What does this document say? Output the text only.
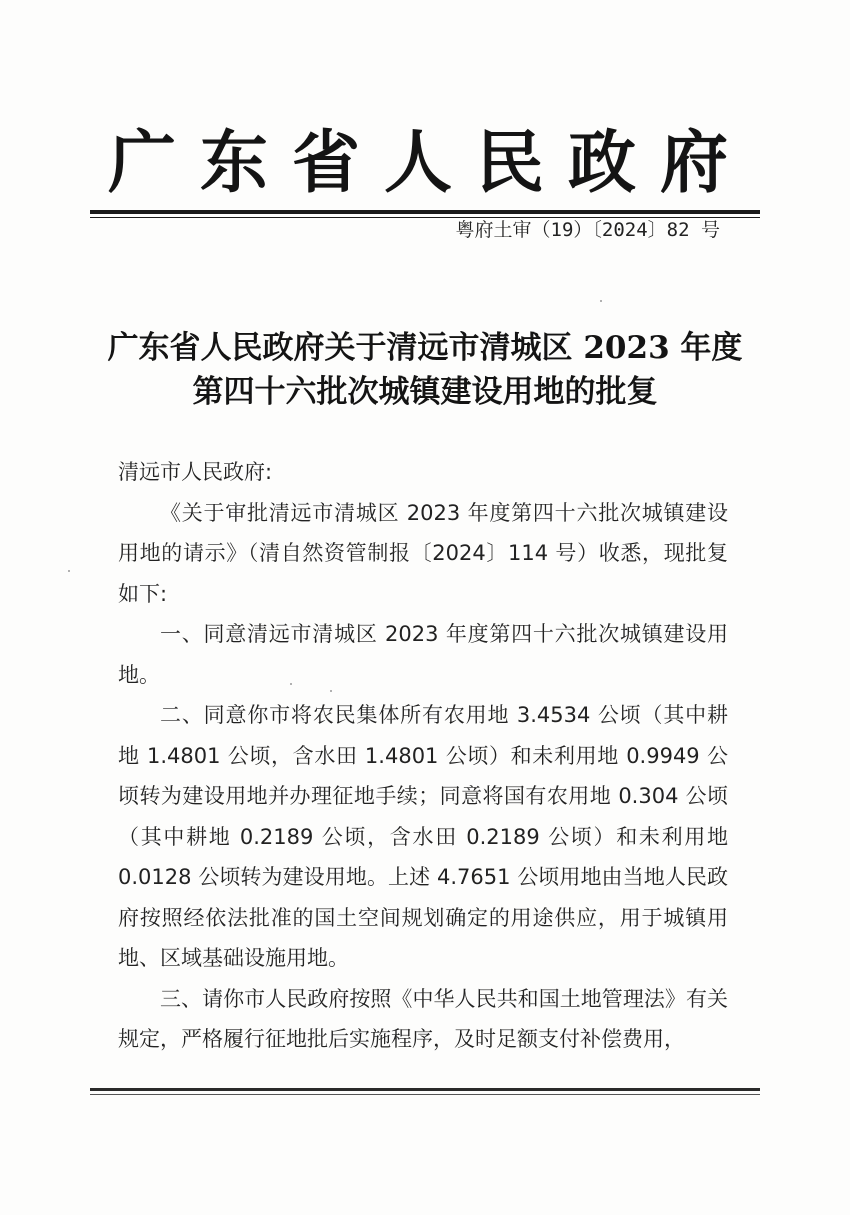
广东省人民政府
粤府土审（19）〔2024〕82 号
广东省人民政府关于清远市清城区 2023 年度
第四十六批次城镇建设用地的批复

清远市人民政府:

《关于审批清远市清城区 2023 年度第四十六批次城镇建设用地的请示》（清自然资管制报〔2024〕114 号）收悉，现批复如下:

一、同意清远市清城区 2023 年度第四十六批次城镇建设用地。

二、同意你市将农民集体所有农用地 3.4534 公顷（其中耕地 1.4801 公顷，含水田 1.4801 公顷）和未利用地 0.9949 公顷转为建设用地并办理征地手续；同意将国有农用地 0.304 公顷（其中耕地 0.2189 公顷，含水田 0.2189 公顷）和未利用地 0.0128 公顷转为建设用地。上述 4.7651 公顷用地由当地人民政府按照经依法批准的国土空间规划确定的用途供应，用于城镇用地、区域基础设施用地。

三、请你市人民政府按照《中华人民共和国土地管理法》有关规定，严格履行征地批后实施程序，及时足额支付补偿费用，
